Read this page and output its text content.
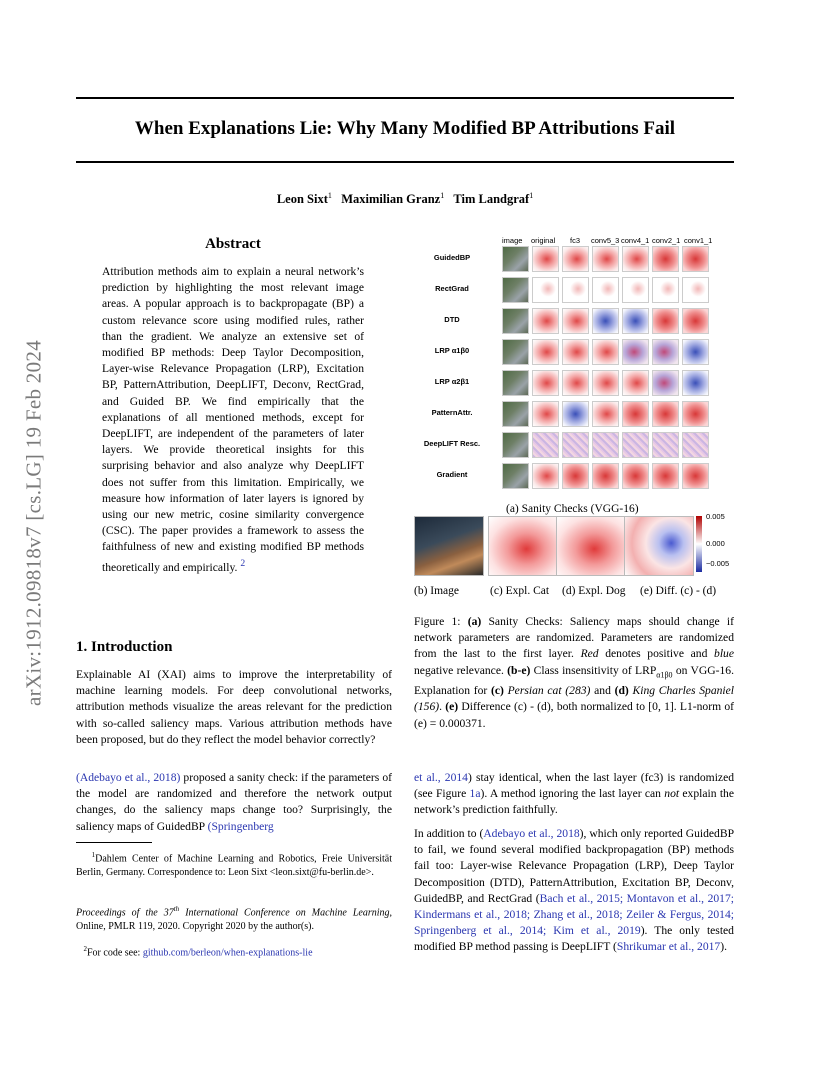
When Explanations Lie: Why Many Modified BP Attributions Fail
Leon Sixt$^1$ Maximilian Granz$^1$ Tim Landgraf$^1$
arXiv:1912.09818v7 [cs.LG] 19 Feb 2024
Abstract
Attribution methods aim to explain a neural network’s prediction by highlighting the most relevant image areas. A popular approach is to backpropagate (BP) a custom relevance score using modified rules, rather than the gradient. We analyze an extensive set of modified BP methods: Deep Taylor Decomposition, Layer-wise Relevance Propagation (LRP), Excitation BP, PatternAttribution, DeepLIFT, Deconv, RectGrad, and Guided BP. We find empirically that the explanations of all mentioned methods, except for DeepLIFT, are independent of the parameters of later layers. We provide theoretical insights for this surprising behavior and also analyze why DeepLIFT does not suffer from this limitation. Empirically, we measure how information of later layers is ignored by using our new metric, cosine similarity convergence (CSC). The paper provides a framework to assess the faithfulness of new and existing modified BP methods theoretically and empirically. $^2$
1. Introduction
Explainable AI (XAI) aims to improve the interpretability of machine learning models. For deep convolutional networks, attribution methods visualize the areas relevant for the prediction with so-called saliency maps. Various attribution methods have been proposed, but do they reflect the model behavior correctly?
(Adebayo et al., 2018) proposed a sanity check: if the parameters of the model are randomized and therefore the network output changes, do the saliency maps change too? Surprisingly, the saliency maps of GuidedBP (Springenberg
$^1$Dahlem Center of Machine Learning and Robotics, Freie Universität Berlin, Germany. Correspondence to: Leon Sixt <leon.sixt@fu-berlin.de>.
Proceedings of the 37th International Conference on Machine Learning, Online, PMLR 119, 2020. Copyright 2020 by the author(s).
$^2$For code see: github.com/berleon/when-explanations-lie
image original fc3 conv5_3 conv4_1 conv2_1 conv1_1
GuidedBP
RectGrad
DTD
LRP α1β0
LRP α2β1
PatternAttr.
DeepLIFT Resc.
Gradient
(a) Sanity Checks (VGG-16)
0.005
0.000
−0.005
(b) Image	(c) Expl. Cat (d) Expl. Dog (e) Diff. (c) - (d)
Figure 1: (a) Sanity Checks: Saliency maps should change if network parameters are randomized. Parameters are randomized from the last to the first layer. Red denotes positive and blue negative relevance. (b-e) Class insensitivity of $LRP_{\alpha 1\beta 0}$ on VGG-16. Explanation for (c) Persian cat (283) and (d) King Charles Spaniel (156). (e) Difference (c) - (d), both normalized to [0, 1]. L1-norm of (e) = 0.000371.
et al., 2014) stay identical, when the last layer (fc3) is randomized (see Figure 1a). A method ignoring the last layer can not explain the network’s prediction faithfully.
In addition to (Adebayo et al., 2018), which only reported GuidedBP to fail, we found several modified backpropagation (BP) methods fail too: Layer-wise Relevance Propagation (LRP), Deep Taylor Decomposition (DTD), PatternAttribution, Excitation BP, Deconv, GuidedBP, and RectGrad (Bach et al., 2015; Montavon et al., 2017; Kindermans et al., 2018; Zhang et al., 2018; Zeiler & Fergus, 2014; Springenberg et al., 2014; Kim et al., 2019). The only tested modified BP method passing is DeepLIFT (Shrikumar et al., 2017).
